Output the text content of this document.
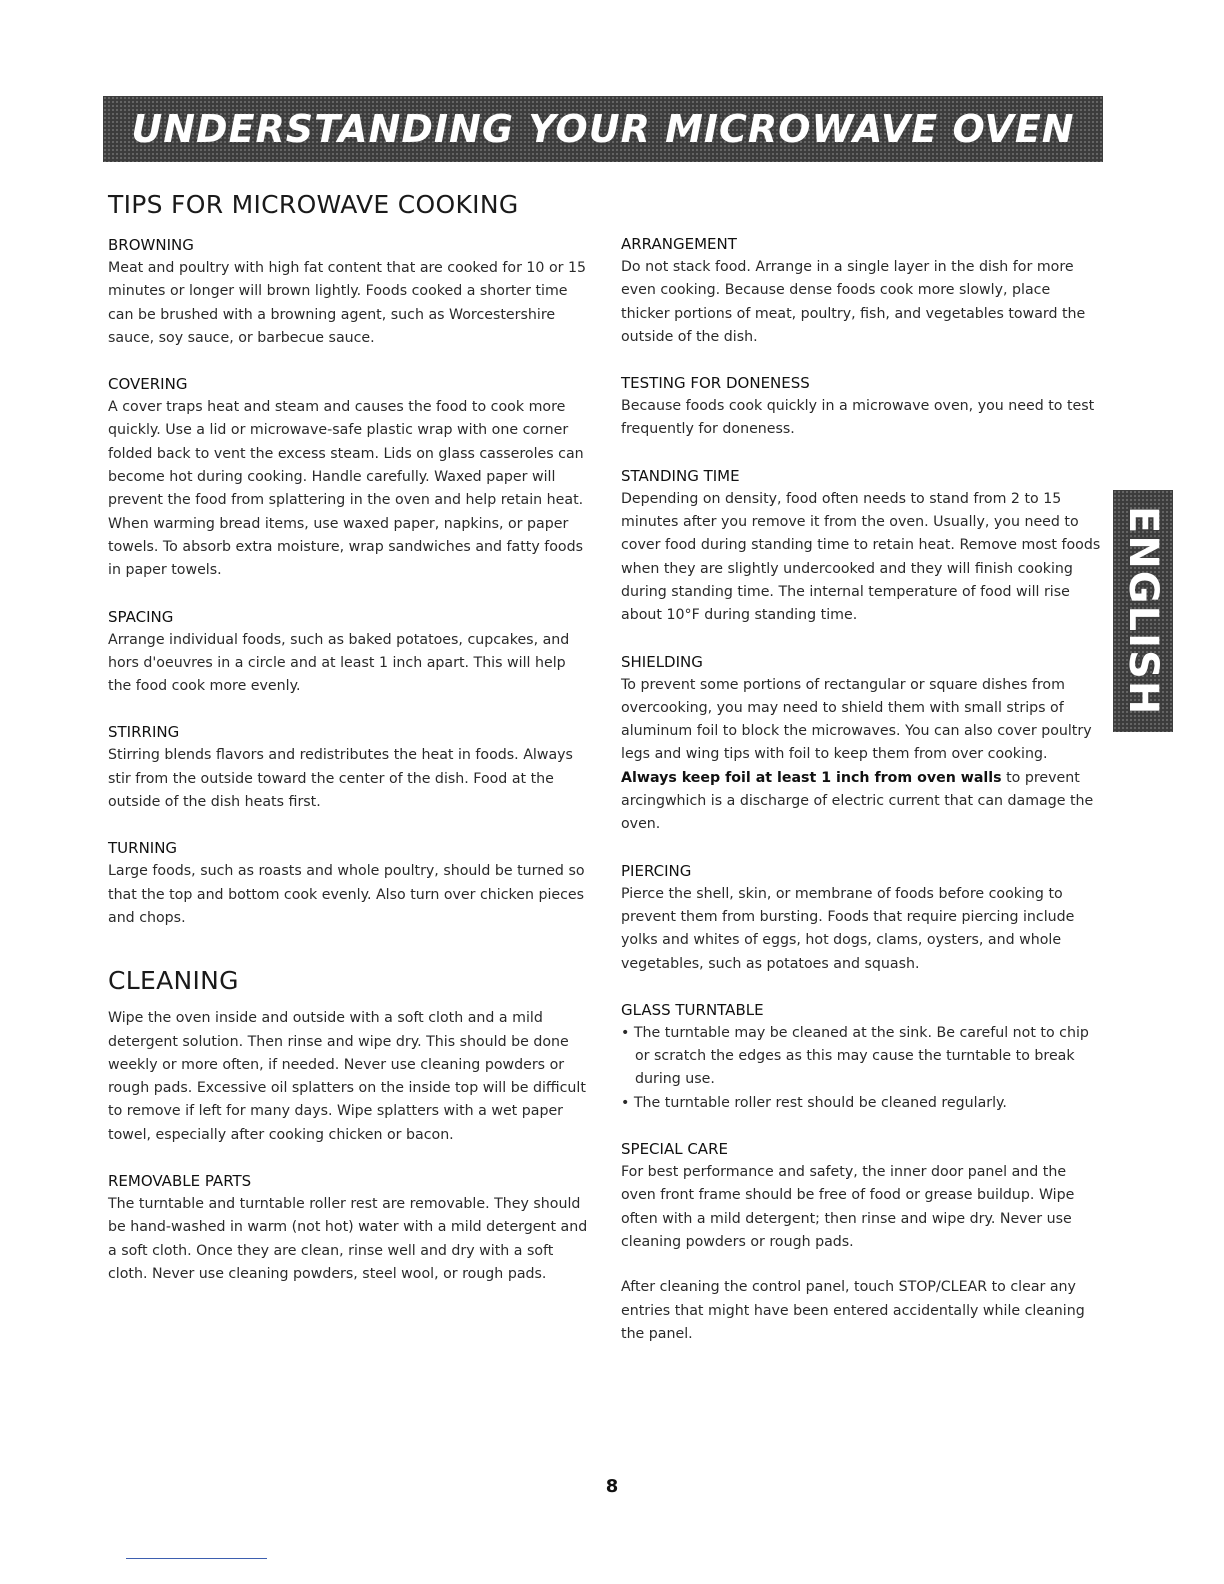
UNDERSTANDING YOUR MICROWAVE OVEN
ENGLISH
TIPS FOR MICROWAVE COOKING
BROWNING
Meat and poultry with high fat content that are cooked for 10 or 15 minutes or longer will brown lightly. Foods cooked a shorter time can be brushed with a browning agent, such as Worcestershire sauce, soy sauce, or barbecue sauce.
COVERING
A cover traps heat and steam and causes the food to cook more quickly. Use a lid or microwave-safe plastic wrap with one corner folded back to vent the excess steam. Lids on glass casseroles can become hot during cooking. Handle carefully. Waxed paper will prevent the food from splattering in the oven and help retain heat. When warming bread items, use waxed paper, napkins, or paper towels. To absorb extra moisture, wrap sandwiches and fatty foods in paper towels.
SPACING
Arrange individual foods, such as baked potatoes, cupcakes, and hors d'oeuvres in a circle and at least 1 inch apart. This will help the food cook more evenly.
STIRRING
Stirring blends flavors and redistributes the heat in foods. Always stir from the outside toward the center of the dish. Food at the outside of the dish heats first.
TURNING
Large foods, such as roasts and whole poultry, should be turned so that the top and bottom cook evenly. Also turn over chicken pieces and chops.
CLEANING
Wipe the oven inside and outside with a soft cloth and a mild detergent solution. Then rinse and wipe dry. This should be done weekly or more often, if needed. Never use cleaning powders or rough pads. Excessive oil splatters on the inside top will be difficult to remove if left for many days. Wipe splatters with a wet paper towel, especially after cooking chicken or bacon.
REMOVABLE PARTS
The turntable and turntable roller rest are removable. They should be hand-washed in warm (not hot) water with a mild detergent and a soft cloth. Once they are clean, rinse well and dry with a soft cloth. Never use cleaning powders, steel wool, or rough pads.
ARRANGEMENT
Do not stack food. Arrange in a single layer in the dish for more even cooking. Because dense foods cook more slowly, place thicker portions of meat, poultry, fish, and vegetables toward the outside of the dish.
TESTING FOR DONENESS
Because foods cook quickly in a microwave oven, you need to test frequently for doneness.
STANDING TIME
Depending on density, food often needs to stand from 2 to 15 minutes after you remove it from the oven. Usually, you need to cover food during standing time to retain heat. Remove most foods when they are slightly undercooked and they will finish cooking during standing time. The internal temperature of food will rise about 10°F during standing time.
SHIELDING
To prevent some portions of rectangular or square dishes from overcooking, you may need to shield them with small strips of aluminum foil to block the microwaves. You can also cover poultry legs and wing tips with foil to keep them from over cooking. Always keep foil at least 1 inch from oven walls to prevent arcingwhich is a discharge of electric current that can damage the oven.
PIERCING
Pierce the shell, skin, or membrane of foods before cooking to prevent them from bursting. Foods that require piercing include yolks and whites of eggs, hot dogs, clams, oysters, and whole vegetables, such as potatoes and squash.
GLASS TURNTABLE
• The turntable may be cleaned at the sink. Be careful not to chip or scratch the edges as this may cause the turntable to break during use.
• The turntable roller rest should be cleaned regularly.
SPECIAL CARE
For best performance and safety, the inner door panel and the oven front frame should be free of food or grease buildup. Wipe often with a mild detergent; then rinse and wipe dry. Never use cleaning powders or rough pads.
After cleaning the control panel, touch STOP/CLEAR to clear any entries that might have been entered accidentally while cleaning the panel.
8
